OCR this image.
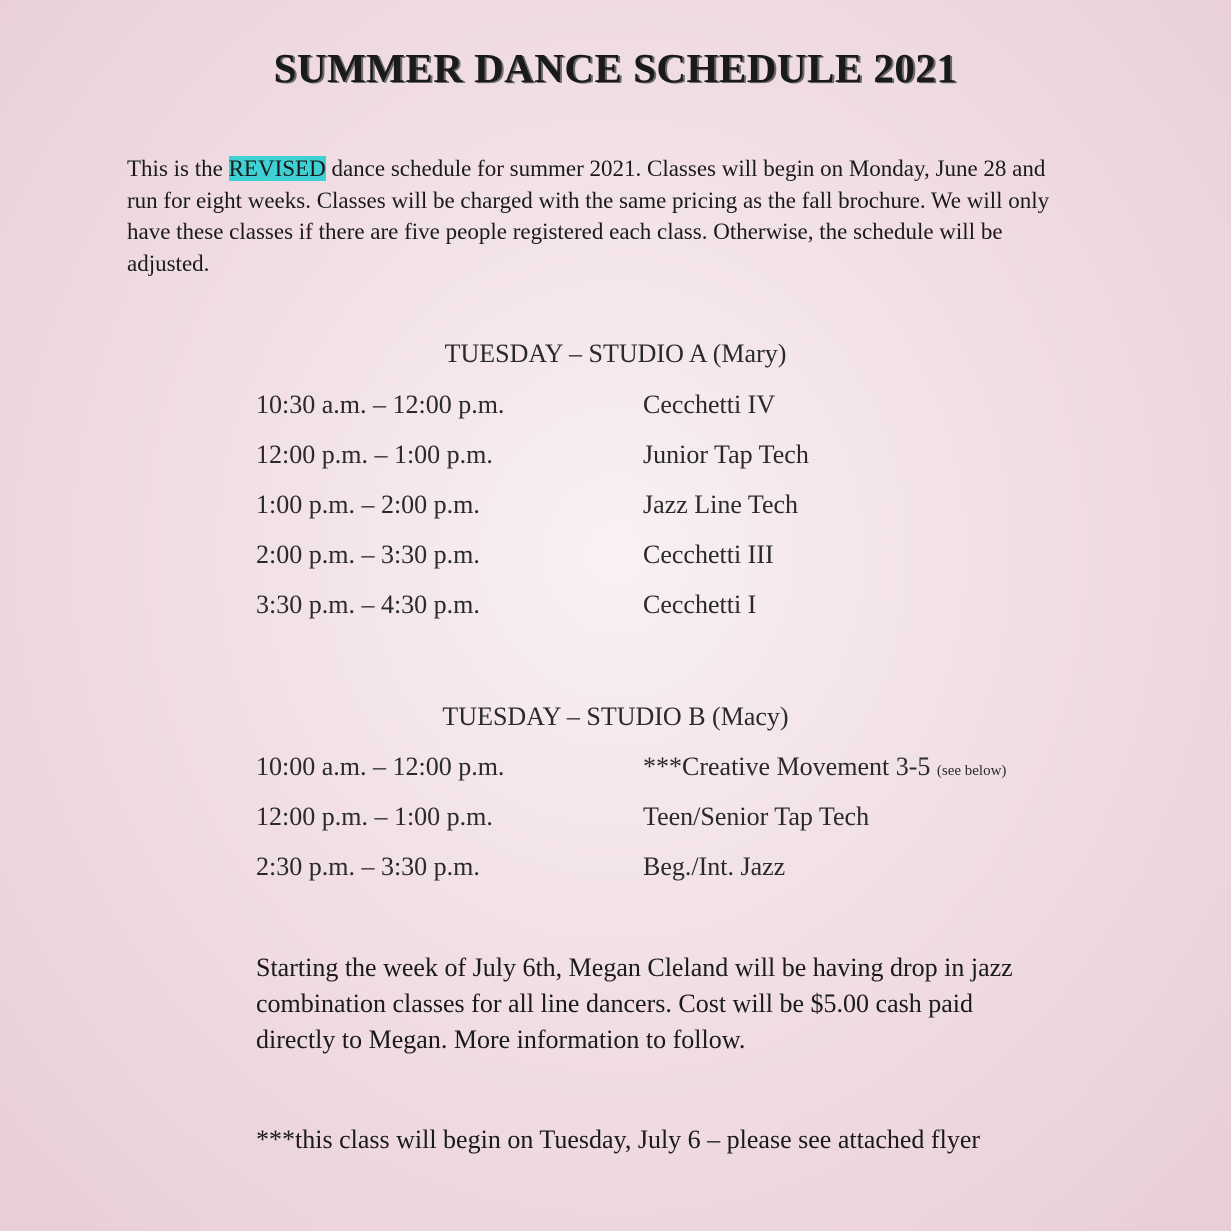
SUMMER DANCE SCHEDULE 2021
This is the REVISED dance schedule for summer 2021. Classes will begin on Monday, June 28 and run for eight weeks. Classes will be charged with the same pricing as the fall brochure. We will only have these classes if there are five people registered each class. Otherwise, the schedule will be adjusted.
TUESDAY – STUDIO A (Mary)
10:30 a.m. – 12:00 p.m.	Cecchetti IV
12:00 p.m. – 1:00 p.m.	Junior Tap Tech
1:00 p.m. – 2:00 p.m.	Jazz Line Tech
2:00 p.m. – 3:30 p.m.	Cecchetti III
3:30 p.m. – 4:30 p.m.	Cecchetti I
TUESDAY – STUDIO B (Macy)
10:00 a.m. – 12:00 p.m.	***Creative Movement 3-5 (see below)
12:00 p.m. – 1:00 p.m.	Teen/Senior Tap Tech
2:30 p.m. – 3:30 p.m.	Beg./Int. Jazz
Starting the week of July 6th, Megan Cleland will be having drop in jazz combination classes for all line dancers. Cost will be $5.00 cash paid directly to Megan. More information to follow.
***this class will begin on Tuesday, July 6 – please see attached flyer
